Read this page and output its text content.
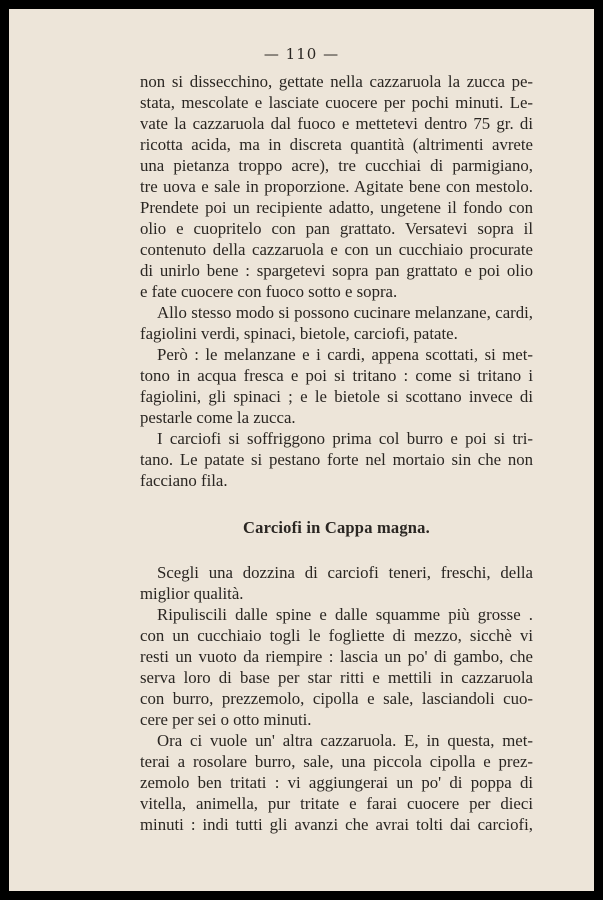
— 110 —

non si dissecchino, gettate nella cazzaruola la zucca pe-
stata, mescolate e lasciate cuocere per pochi minuti. Le-
vate la cazzaruola dal fuoco e mettetevi dentro 75 gr. di
ricotta acida, ma in discreta quantità (altrimenti avrete
una pietanza troppo acre), tre cucchiai di parmigiano,
tre uova e sale in proporzione. Agitate bene con mestolo.
Prendete poi un recipiente adatto, ungetene il fondo con
olio e cuopritelo con pan grattato. Versatevi sopra il
contenuto della cazzaruola e con un cucchiaio procurate
di unirlo bene : spargetevi sopra pan grattato e poi olio
e fate cuocere con fuoco sotto e sopra.

Allo stesso modo si possono cucinare melanzane, cardi,
fagiolini verdi, spinaci, bietole, carciofi, patate.

Però : le melanzane e i cardi, appena scottati, si met-
tono in acqua fresca e poi si tritano : come si tritano i
fagiolini, gli spinaci ; e le bietole si scottano invece di
pestarle come la zucca.

I carciofi si soffriggono prima col burro e poi si tri-
tano. Le patate si pestano forte nel mortaio sin che non
facciano fila.

Carciofi in Cappa magna.

Scegli una dozzina di carciofi teneri, freschi, della
miglior qualità.

Ripuliscili dalle spine e dalle squamme più grosse .
con un cucchiaio togli le fogliette di mezzo, sicchè vi
resti un vuoto da riempire : lascia un po' di gambo, che
serva loro di base per star ritti e mettili in cazzaruola
con burro, prezzemolo, cipolla e sale, lasciandoli cuo-
cere per sei o otto minuti.

Ora ci vuole un' altra cazzaruola. E, in questa, met-
terai a rosolare burro, sale, una piccola cipolla e prez-
zemolo ben tritati : vi aggiungerai un po' di poppa di
vitella, animella, pur tritate e farai cuocere per dieci
minuti : indi tutti gli avanzi che avrai tolti dai carciofi,
